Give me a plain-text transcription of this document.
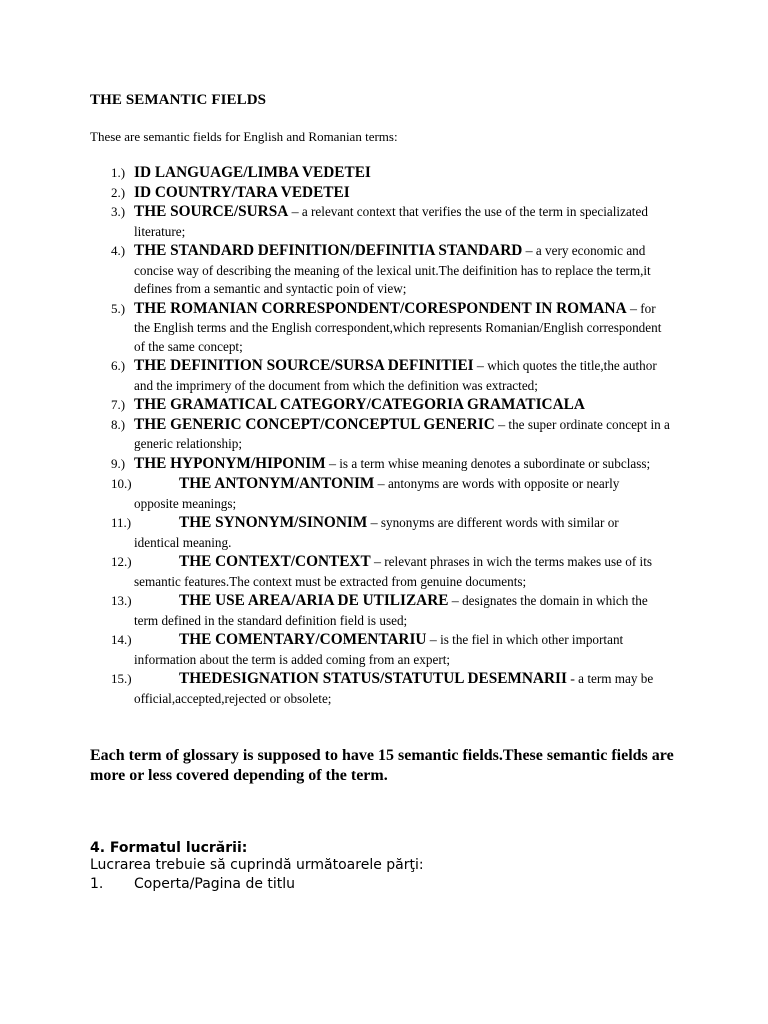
THE SEMANTIC FIELDS
These are semantic fields for English and Romanian terms:
1.) ID LANGUAGE/LIMBA VEDETEI
2.) ID COUNTRY/TARA VEDETEI
3.) THE SOURCE/SURSA – a relevant context that verifies the use of the term in specializated literature;
4.) THE STANDARD DEFINITION/DEFINITIA STANDARD – a very economic and concise way of describing the meaning of the lexical unit.The deifinition has to replace the term,it defines from a semantic and syntactic poin of view;
5.) THE ROMANIAN CORRESPONDENT/CORESPONDENT IN ROMANA – for the English terms and the English correspondent,which represents Romanian/English correspondent of the same concept;
6.) THE DEFINITION SOURCE/SURSA DEFINITIEI – which quotes the title,the author and the imprimery of the document from which the definition was extracted;
7.) THE GRAMATICAL CATEGORY/CATEGORIA GRAMATICALA
8.) THE GENERIC CONCEPT/CONCEPTUL GENERIC – the super ordinate concept in a generic relationship;
9.) THE HYPONYM/HIPONIM – is a term whise meaning denotes a subordinate or subclass;
10.)	THE ANTONYM/ANTONIM – antonyms are words with opposite or nearly opposite meanings;
11.)	THE SYNONYM/SINONIM – synonyms are different words with similar or identical meaning.
12.)	THE CONTEXT/CONTEXT – relevant phrases in wich the terms makes use of its semantic features.The context must be extracted from genuine documents;
13.)	THE USE AREA/ARIA DE UTILIZARE – designates the domain in which the term defined in the standard definition field is used;
14.)	THE COMENTARY/COMENTARIU – is the fiel in which other important information about the term is added coming from an expert;
15.)	THEDESIGNATION STATUS/STATUTUL DESEMNARII - a term may be official,accepted,rejected or obsolete;
Each term of glossary is supposed to have 15 semantic fields.These semantic fields are more or less covered depending of the term.
4. Formatul lucrării:
Lucrarea trebuie să cuprindă următoarele părţi:
1. Coperta/Pagina de titlu
